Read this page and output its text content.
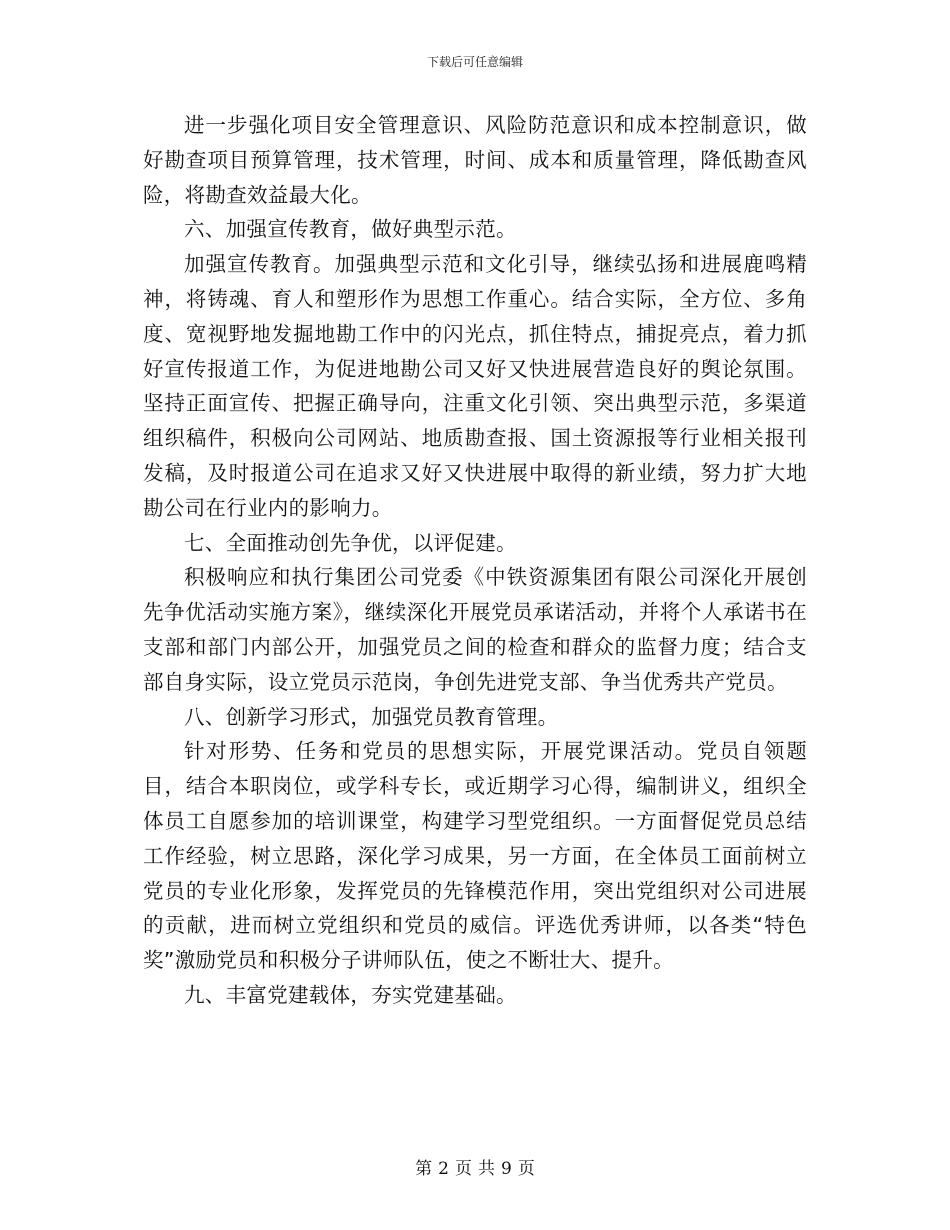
下载后可任意编辑

进一步强化项目安全管理意识、风险防范意识和成本控制意识，做好勘查项目预算管理，技术管理，时间、成本和质量管理，降低勘查风险，将勘查效益最大化。

六、加强宣传教育，做好典型示范。

加强宣传教育。加强典型示范和文化引导，继续弘扬和进展鹿鸣精神，将铸魂、育人和塑形作为思想工作重心。结合实际，全方位、多角度、宽视野地发掘地勘工作中的闪光点，抓住特点，捕捉亮点，着力抓好宣传报道工作，为促进地勘公司又好又快进展营造良好的舆论氛围。坚持正面宣传、把握正确导向，注重文化引领、突出典型示范，多渠道组织稿件，积极向公司网站、地质勘查报、国土资源报等行业相关报刊发稿，及时报道公司在追求又好又快进展中取得的新业绩，努力扩大地勘公司在行业内的影响力。

七、全面推动创先争优，以评促建。

积极响应和执行集团公司党委《中铁资源集团有限公司深化开展创先争优活动实施方案》，继续深化开展党员承诺活动，并将个人承诺书在支部和部门内部公开，加强党员之间的检查和群众的监督力度；结合支部自身实际，设立党员示范岗，争创先进党支部、争当优秀共产党员。

八、创新学习形式，加强党员教育管理。

针对形势、任务和党员的思想实际，开展党课活动。党员自领题目，结合本职岗位，或学科专长，或近期学习心得，编制讲义，组织全体员工自愿参加的培训课堂，构建学习型党组织。一方面督促党员总结工作经验，树立思路，深化学习成果，另一方面，在全体员工面前树立党员的专业化形象，发挥党员的先锋模范作用，突出党组织对公司进展的贡献，进而树立党组织和党员的威信。评选优秀讲师，以各类“特色奖”激励党员和积极分子讲师队伍，使之不断壮大、提升。

九、丰富党建载体，夯实党建基础。

第 2 页 共 9 页
